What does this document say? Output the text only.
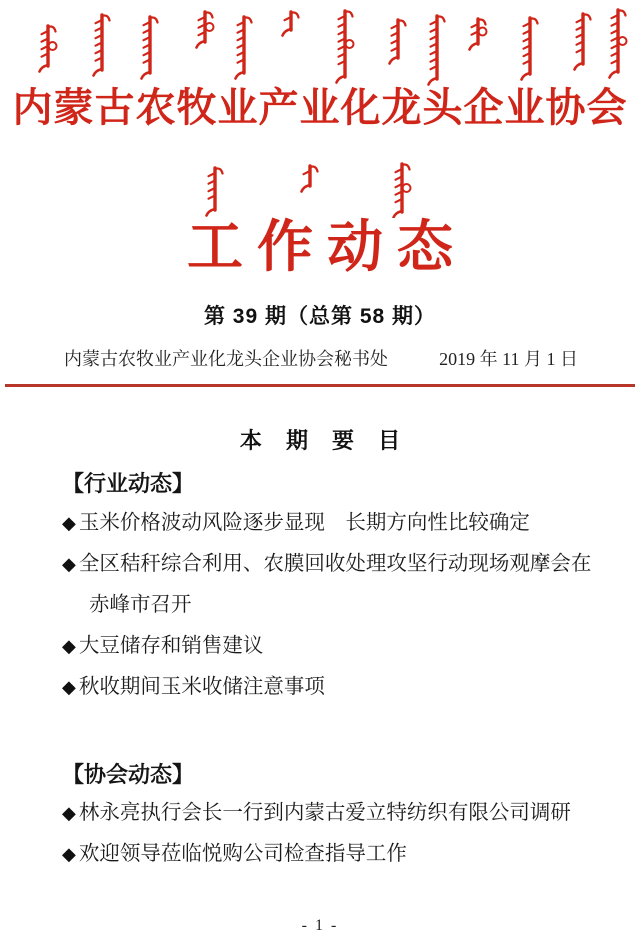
内蒙古农牧业产业化龙头企业协会
工作动态
第 39 期（总第 58 期）
内蒙古农牧业产业化龙头企业协会秘书处	2019 年 11 月 1 日
本 期 要 目
【行业动态】
◆ 玉米价格波动风险逐步显现　长期方向性比较确定
◆ 全区秸秆综合利用、农膜回收处理攻坚行动现场观摩会在赤峰市召开
◆ 大豆储存和销售建议
◆ 秋收期间玉米收储注意事项
【协会动态】
◆ 林永亮执行会长一行到内蒙古爱立特纺织有限公司调研
◆ 欢迎领导莅临悦购公司检查指导工作
- 1 -
